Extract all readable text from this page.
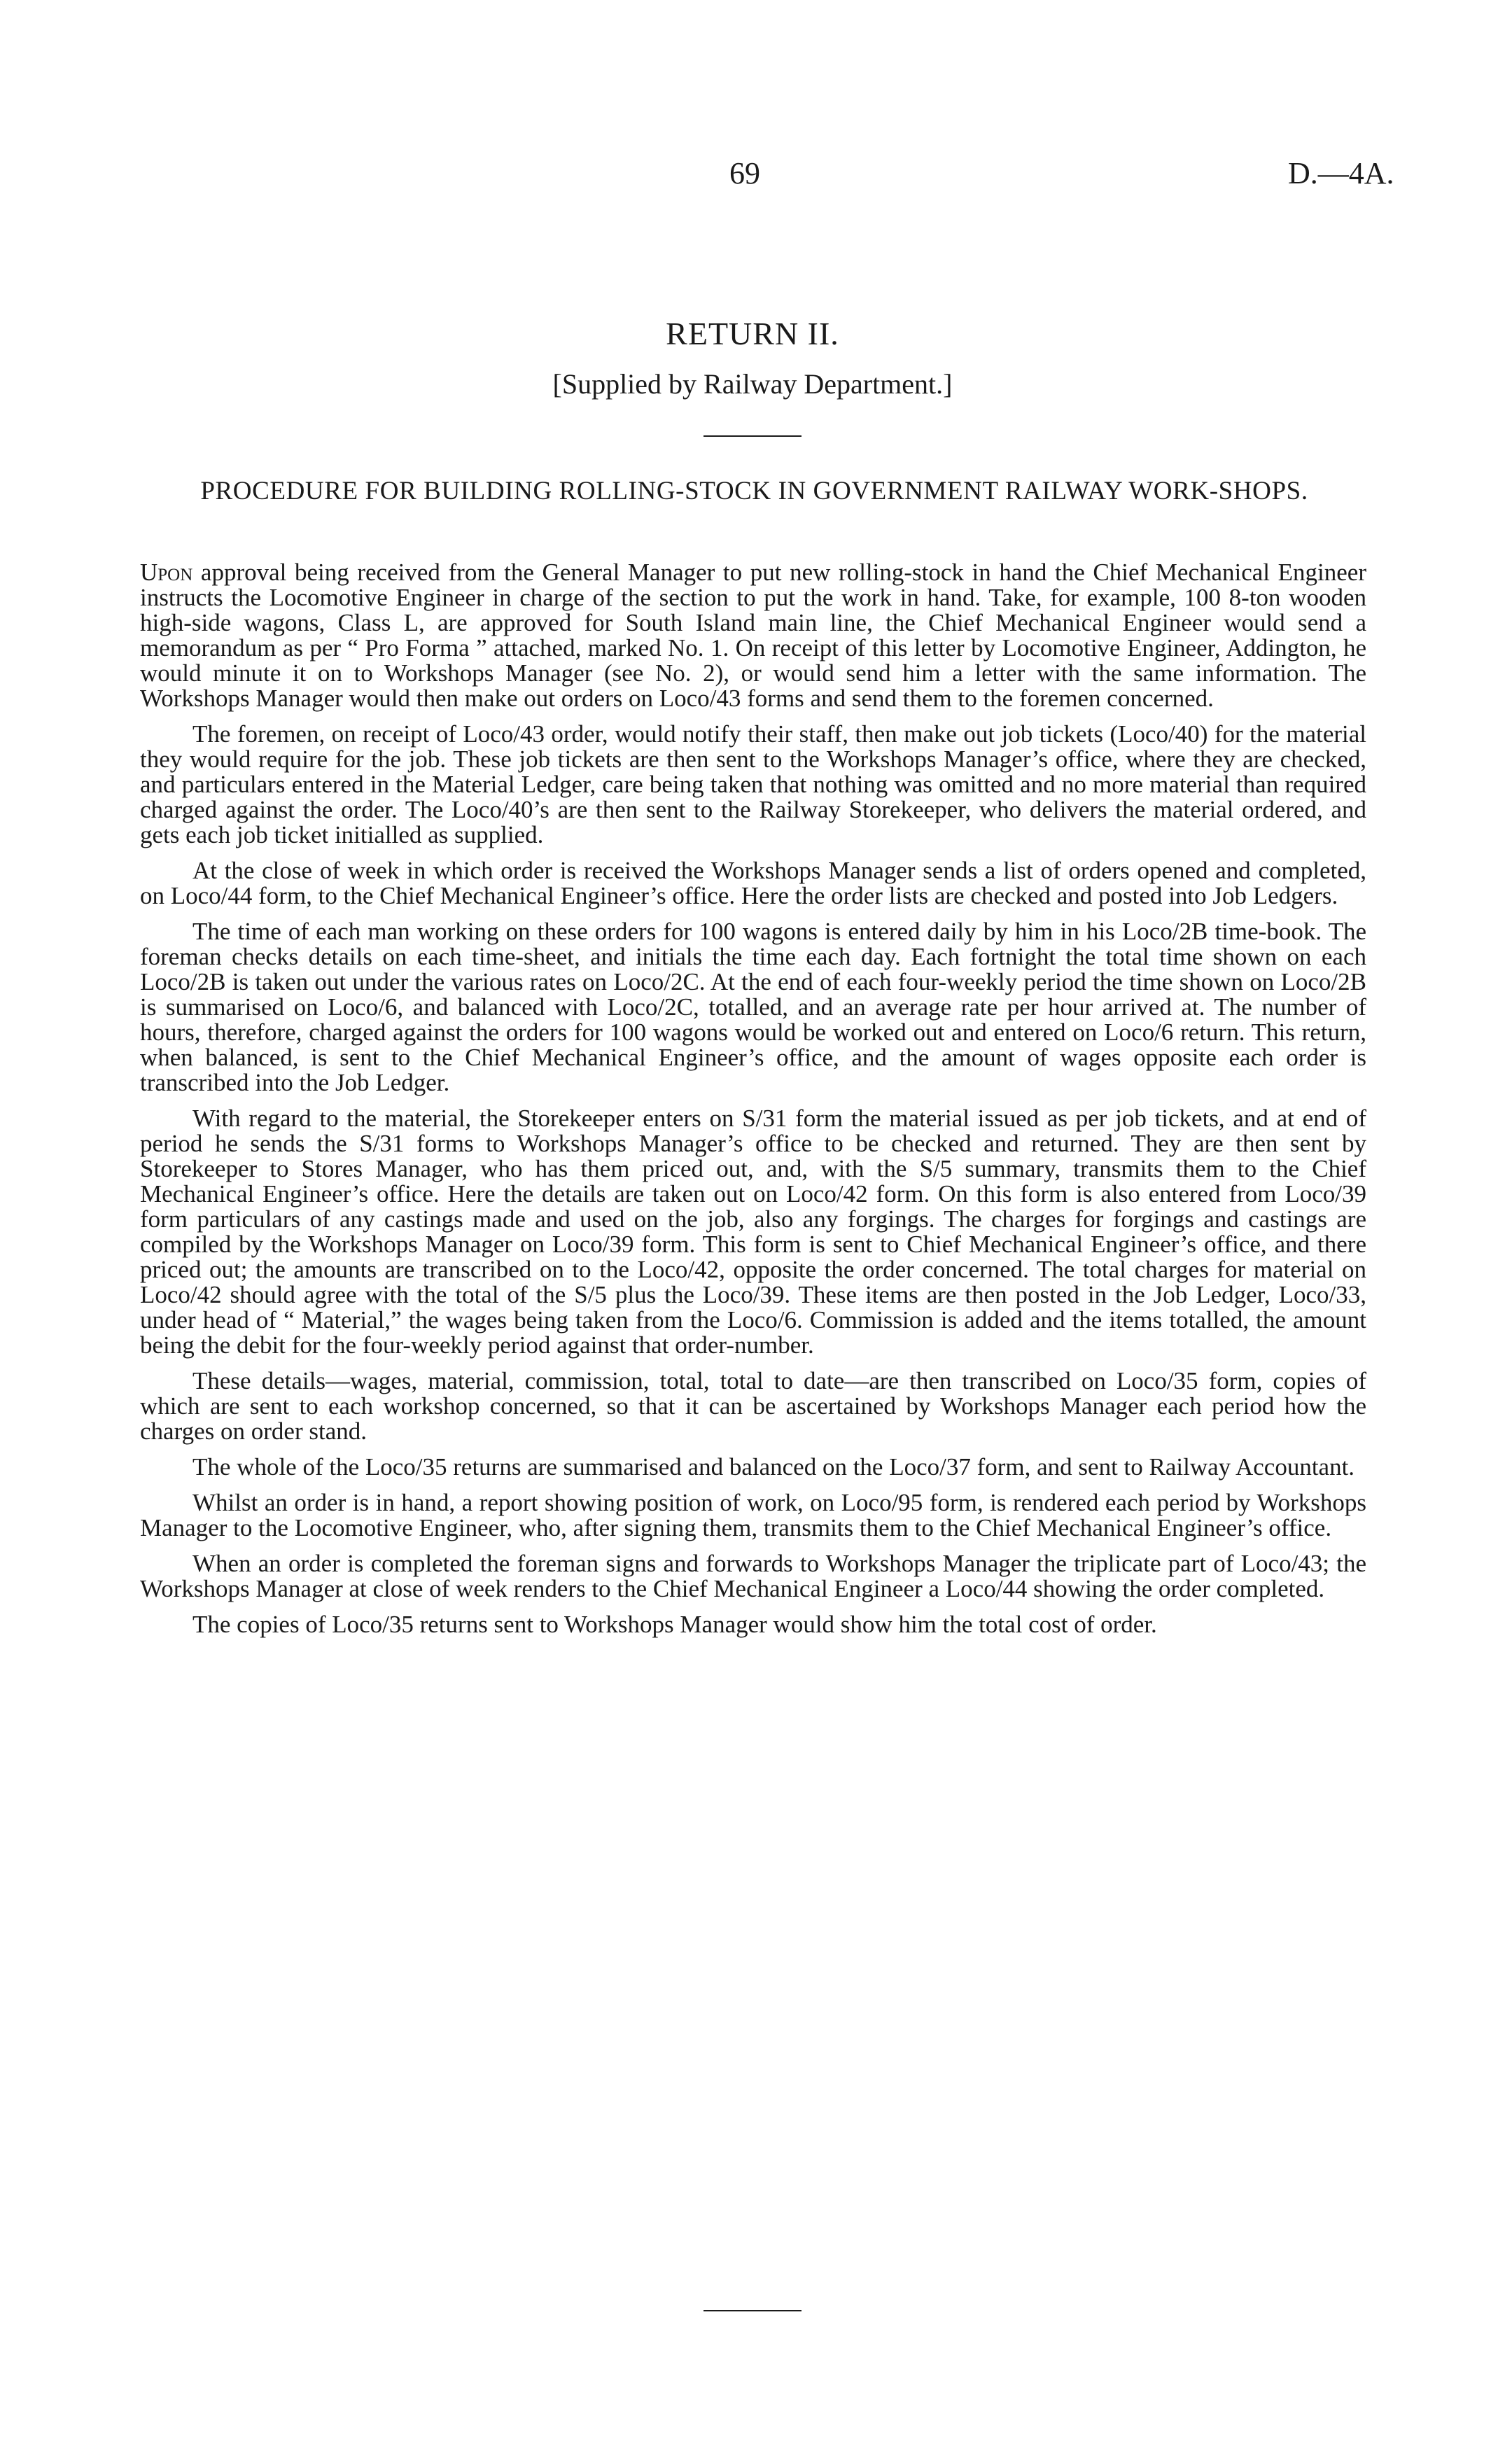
69	D.—4A.
RETURN II.
[Supplied by Railway Department.]
PROCEDURE FOR BUILDING ROLLING-STOCK IN GOVERNMENT RAILWAY WORK-SHOPS.

Upon approval being received from the General Manager to put new rolling-stock in hand the Chief Mechanical Engineer instructs the Locomotive Engineer in charge of the section to put the work in hand. Take, for example, 100 8-ton wooden high-side wagons, Class L, are approved for South Island main line, the Chief Mechanical Engineer would send a memorandum as per “ Pro Forma ” attached, marked No. 1. On receipt of this letter by Locomotive Engineer, Addington, he would minute it on to Workshops Manager (see No. 2), or would send him a letter with the same information. The Workshops Manager would then make out orders on Loco/43 forms and send them to the foremen concerned.

The foremen, on receipt of Loco/43 order, would notify their staff, then make out job tickets (Loco/40) for the material they would require for the job. These job tickets are then sent to the Workshops Manager’s office, where they are checked, and particulars entered in the Material Ledger, care being taken that nothing was omitted and no more material than required charged against the order. The Loco/40’s are then sent to the Railway Storekeeper, who delivers the material ordered, and gets each job ticket initialled as supplied.

At the close of week in which order is received the Workshops Manager sends a list of orders opened and completed, on Loco/44 form, to the Chief Mechanical Engineer’s office. Here the order lists are checked and posted into Job Ledgers.

The time of each man working on these orders for 100 wagons is entered daily by him in his Loco/2B time-book. The foreman checks details on each time-sheet, and initials the time each day. Each fortnight the total time shown on each Loco/2B is taken out under the various rates on Loco/2C. At the end of each four-weekly period the time shown on Loco/2B is summarised on Loco/6, and balanced with Loco/2C, totalled, and an average rate per hour arrived at. The number of hours, therefore, charged against the orders for 100 wagons would be worked out and entered on Loco/6 return. This return, when balanced, is sent to the Chief Mechanical Engineer’s office, and the amount of wages opposite each order is transcribed into the Job Ledger.

With regard to the material, the Storekeeper enters on S/31 form the material issued as per job tickets, and at end of period he sends the S/31 forms to Workshops Manager’s office to be checked and returned. They are then sent by Storekeeper to Stores Manager, who has them priced out, and, with the S/5 summary, transmits them to the Chief Mechanical Engineer’s office. Here the details are taken out on Loco/42 form. On this form is also entered from Loco/39 form particulars of any castings made and used on the job, also any forgings. The charges for forgings and castings are compiled by the Workshops Manager on Loco/39 form. This form is sent to Chief Mechanical Engineer’s office, and there priced out; the amounts are transcribed on to the Loco/42, opposite the order concerned. The total charges for material on Loco/42 should agree with the total of the S/5 plus the Loco/39. These items are then posted in the Job Ledger, Loco/33, under head of “ Material,” the wages being taken from the Loco/6. Commission is added and the items totalled, the amount being the debit for the four-weekly period against that order-number.

These details—wages, material, commission, total, total to date—are then transcribed on Loco/35 form, copies of which are sent to each workshop concerned, so that it can be ascertained by Workshops Manager each period how the charges on order stand.

The whole of the Loco/35 returns are summarised and balanced on the Loco/37 form, and sent to Railway Accountant.

Whilst an order is in hand, a report showing position of work, on Loco/95 form, is rendered each period by Workshops Manager to the Locomotive Engineer, who, after signing them, transmits them to the Chief Mechanical Engineer’s office.

When an order is completed the foreman signs and forwards to Workshops Manager the triplicate part of Loco/43; the Workshops Manager at close of week renders to the Chief Mechanical Engineer a Loco/44 showing the order completed.

The copies of Loco/35 returns sent to Workshops Manager would show him the total cost of order.
